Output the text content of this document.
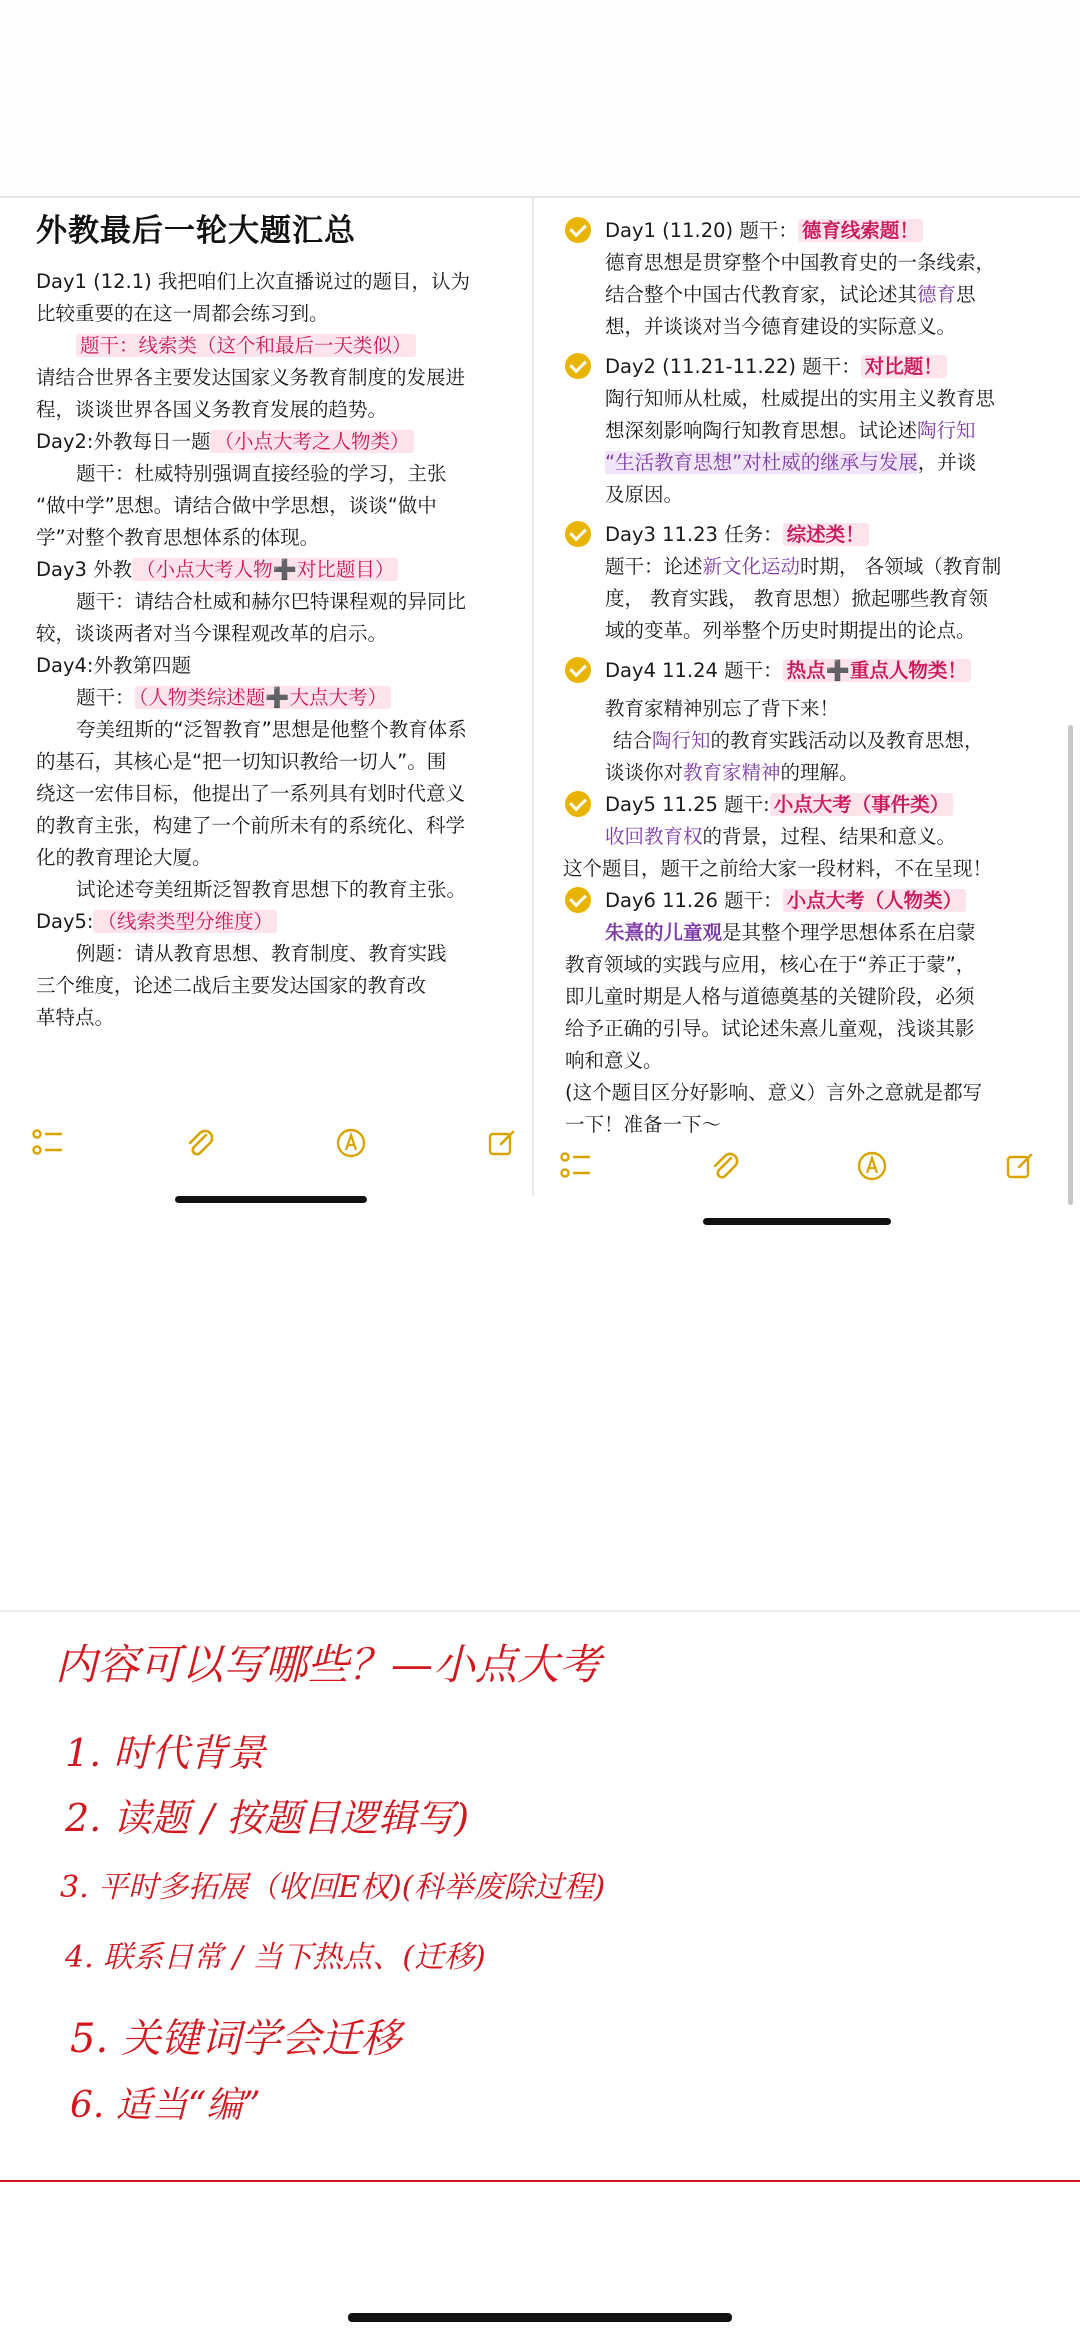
外教最后一轮大题汇总
Day1 (12.1) 我把咱们上次直播说过的题目，认为
比较重要的在这一周都会练习到。
题干：线索类（这个和最后一天类似）
请结合世界各主要发达国家义务教育制度的发展进
程，谈谈世界各国义务教育发展的趋势。
Day2:外教每日一题 （小点大考之人物类）
题干：杜威特别强调直接经验的学习，主张
“做中学”思想。请结合做中学思想，谈谈“做中
学”对整个教育思想体系的体现。
Day3 外教 （小点大考人物➕对比题目）
题干：请结合杜威和赫尔巴特课程观的异同比
较，谈谈两者对当今课程观改革的启示。
Day4:外教第四题
题干： （人物类综述题➕大点大考）
夸美纽斯的“泛智教育”思想是他整个教育体系
的基石，其核心是“把一切知识教给一切人”。围
绕这一宏伟目标，他提出了一系列具有划时代意义
的教育主张，构建了一个前所未有的系统化、科学
化的教育理论大厦。
试论述夸美纽斯泛智教育思想下的教育主张。
Day5: （线索类型分维度）
例题：请从教育思想、教育制度、教育实践
三个维度，论述二战后主要发达国家的教育改
革特点。
Day1 (11.20) 题干： 德育线索题！
德育思想是贯穿整个中国教育史的一条线索，
结合整个中国古代教育家，试论述其德育思
想，并谈谈对当今德育建设的实际意义。
Day2 (11.21-11.22) 题干： 对比题！
陶行知师从杜威，杜威提出的实用主义教育思
想深刻影响陶行知教育思想。试论述陶行知
“生活教育思想”对杜威的继承与发展，并谈
及原因。
Day3 11.23 任务： 综述类！
题干：论述新文化运动时期， 各领域（教育制
度， 教育实践， 教育思想）掀起哪些教育领
域的变革。列举整个历史时期提出的论点。
Day4 11.24 题干： 热点➕重点人物类！
教育家精神别忘了背下来！
结合陶行知的教育实践活动以及教育思想，
谈谈你对教育家精神的理解。
Day5 11.25 题干: 小点大考（事件类）
收回教育权的背景，过程、结果和意义。
这个题目，题干之前给大家一段材料，不在呈现！
Day6 11.26 题干： 小点大考（人物类）
朱熹的儿童观是其整个理学思想体系在启蒙
教育领域的实践与应用，核心在于“养正于蒙”，
即儿童时期是人格与道德奠基的关键阶段，必须
给予正确的引导。试论述朱熹儿童观，浅谈其影
响和意义。
(这个题目区分好影响、意义）言外之意就是都写
一下！准备一下～
内容可以写哪些？—小点大考
1. 时代背景
2. 读题 / 按题目逻辑写)
3. 平时多拓展（收回E权)(科举废除过程)
4. 联系日常 / 当下热点、(迁移)
5. 关键词学会迁移
6. 适当“编”
